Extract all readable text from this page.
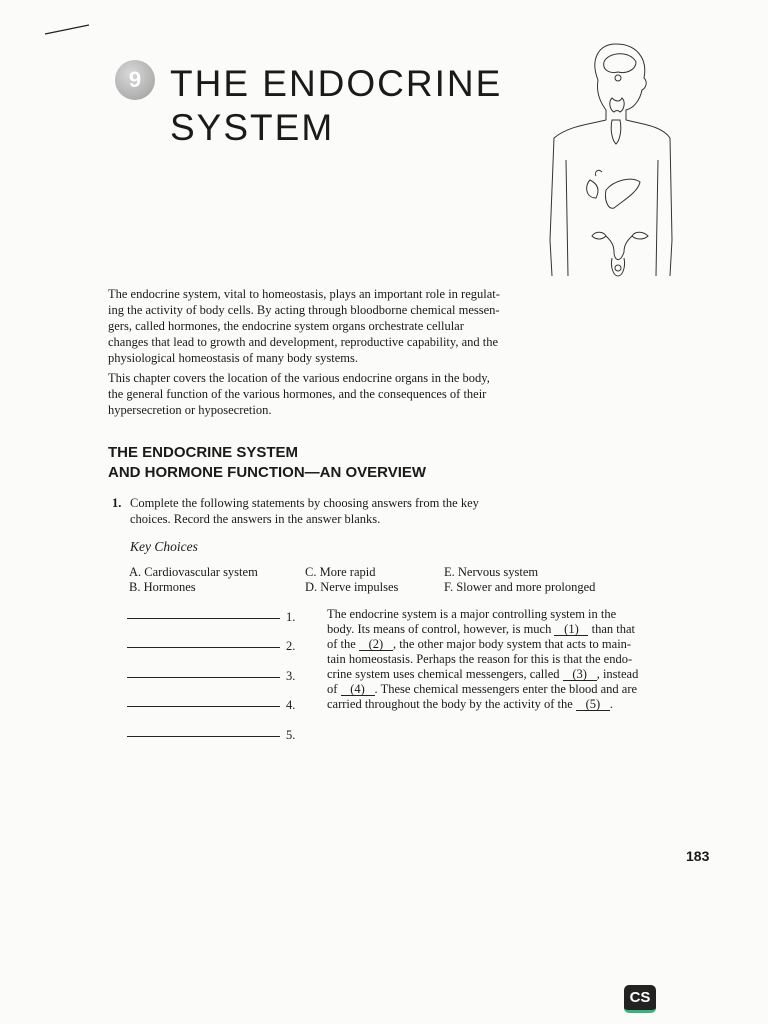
9 THE ENDOCRINE
SYSTEM

The endocrine system, vital to homeostasis, plays an important role in regulat-

ing the activity of body cells. By acting through bloodborne chemical messen-

gers, called hormones, the endocrine system organs orchestrate cellular

changes that lead to growth and development, reproductive capability, and the

physiological homeostasis of many body systems.

This chapter covers the location of the various endocrine organs in the body,

the general function of the various hormones, and the consequences of their

hypersecretion or hyposecretion.

THE ENDOCRINE SYSTEM
AND HORMONE FUNCTION—AN OVERVIEW
1. Complete the following statements by choosing answers from the key
choices. Record the answers in the answer blanks.
Key Choices
A. Cardiovascular system
B. Hormones
C. More rapid
D. Nerve impulses
E. Nervous system
F. Slower and more prolonged
1.
2.
3.
4.
5.
The endocrine system is a major controlling system in the
body. Its means of control, however, is much (1) than that
of the (2) , the other major body system that acts to main-
tain homeostasis. Perhaps the reason for this is that the endo-
crine system uses chemical messengers, called (3) , instead
of (4) . These chemical messengers enter the blood and are
carried throughout the body by the activity of the (5) .
183
CS
